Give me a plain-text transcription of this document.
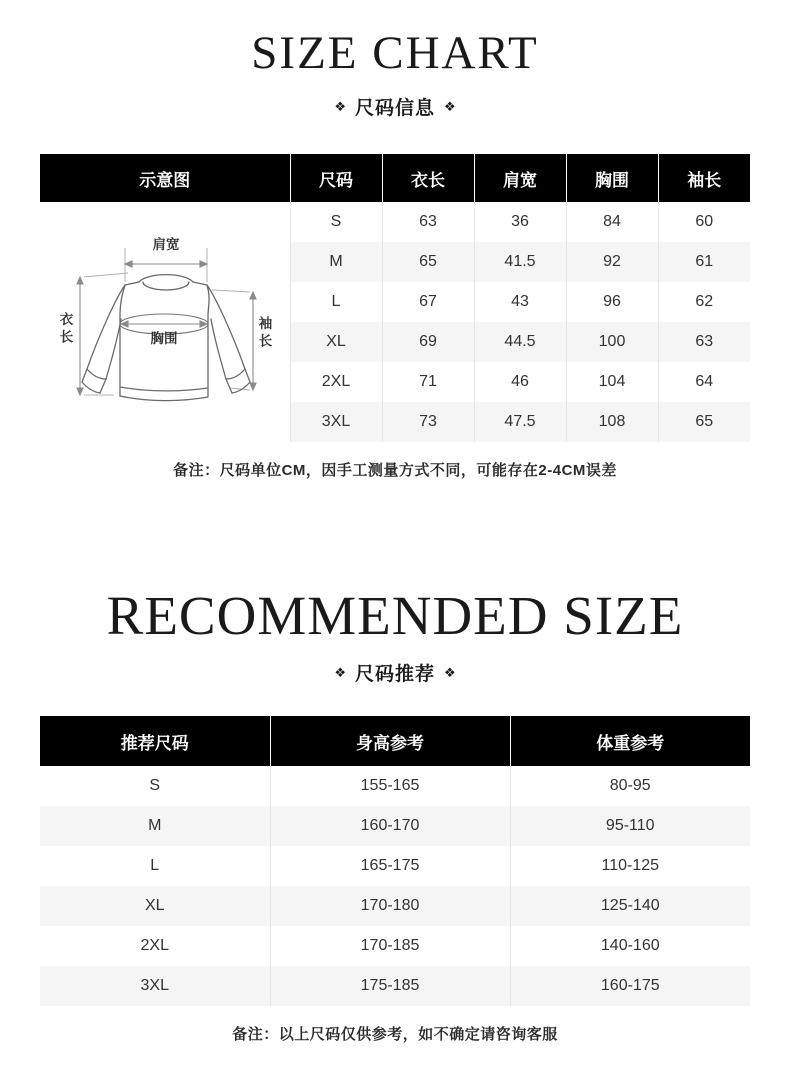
SIZE CHART
❖ 尺码信息 ❖
示意图	尺码	衣长	肩宽	胸围	袖长

肩宽
衣长 胸围 袖长	S	63	36	84	60
	M	65	41.5	92	61
	L	67	43	96	62
	XL	69	44.5	100	63
	2XL	71	46	104	64
	3XL	73	47.5	108	65
备注：尺码单位CM，因手工测量方式不同，可能存在2-4CM误差
RECOMMENDED SIZE
❖ 尺码推荐 ❖
推荐尺码	身高参考	体重参考
S	155-165	80-95
M	160-170	95-110
L	165-175	110-125
XL	170-180	125-140
2XL	170-185	140-160
3XL	175-185	160-175
备注：以上尺码仅供参考，如不确定请咨询客服
